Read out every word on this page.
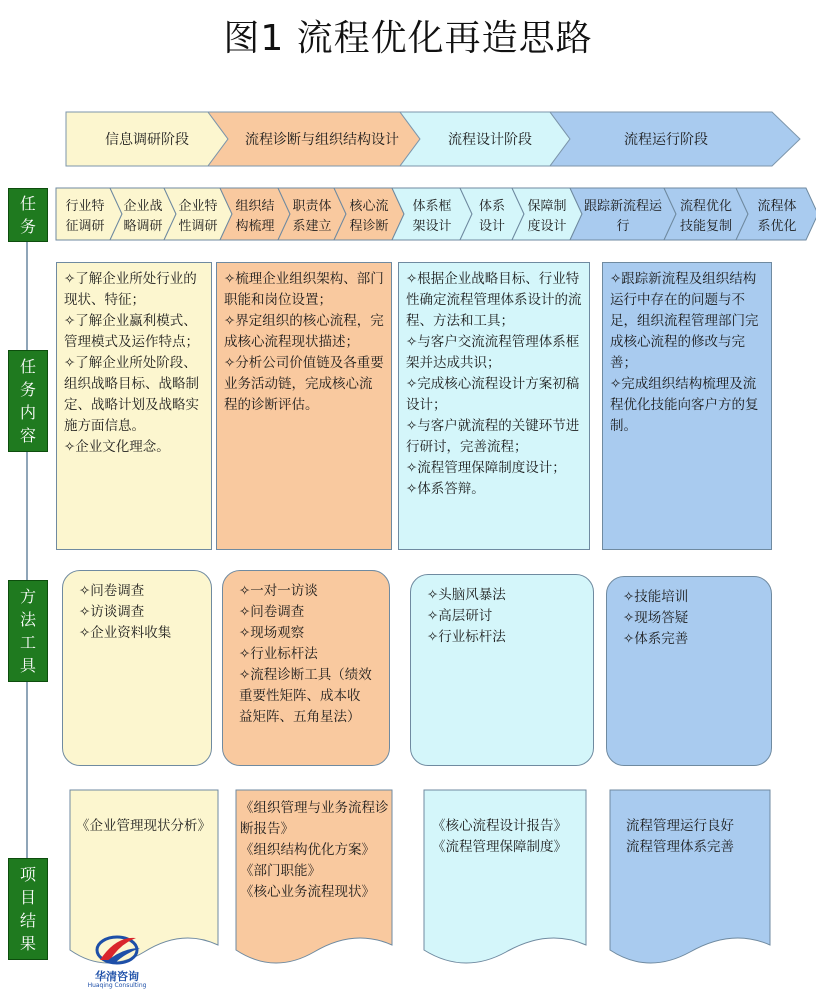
图1 流程优化再造思路
信息调研阶段	流程诊断与组织结构设计	流程设计阶段	流程运行阶段
行业特
征调研
企业战
略调研
企业特
性调研
组织结
构梳理
职责体
系建立
核心流
程诊断
体系框
架设计
体系
设计
保障制
度设计
跟踪新流程运
行
流程优化
技能复制
流程体
系优化
任
务
任
务
内
容
方
法
工
具
项
目
结
果
✧了解企业所处行业的现状、特征；
✧了解企业赢利模式、管理模式及运作特点；
✧了解企业所处阶段、组织战略目标、战略制定、战略计划及战略实施方面信息。
✧企业文化理念。
✧梳理企业组织架构、部门职能和岗位设置；
✧界定组织的核心流程，完成核心流程现状描述；
✧分析公司价值链及各重要业务活动链，完成核心流程的诊断评估。
✧根据企业战略目标、行业特性确定流程管理体系设计的流程、方法和工具；
✧与客户交流流程管理体系框架并达成共识；
✧完成核心流程设计方案初稿设计；
✧与客户就流程的关键环节进行研讨，完善流程；
✧流程管理保障制度设计；
✧体系答辩。
✧跟踪新流程及组织结构运行中存在的问题与不足，组织流程管理部门完成核心流程的修改与完善；
✧完成组织结构梳理及流程优化技能向客户方的复制。
✧问卷调查
✧访谈调查
✧企业资料收集
✧一对一访谈
✧问卷调查
✧现场观察
✧行业标杆法
✧流程诊断工具（绩效重要性矩阵、成本收益矩阵、五角星法）
✧头脑风暴法
✧高层研讨
✧行业标杆法
✧技能培训
✧现场答疑
✧体系完善
《企业管理现状分析》
《组织管理与业务流程诊断报告》
《组织结构优化方案》
《部门职能》
《核心业务流程现状》
《核心流程设计报告》
《流程管理保障制度》
流程管理运行良好
流程管理体系完善
华清咨询
Huaqing Consulting
